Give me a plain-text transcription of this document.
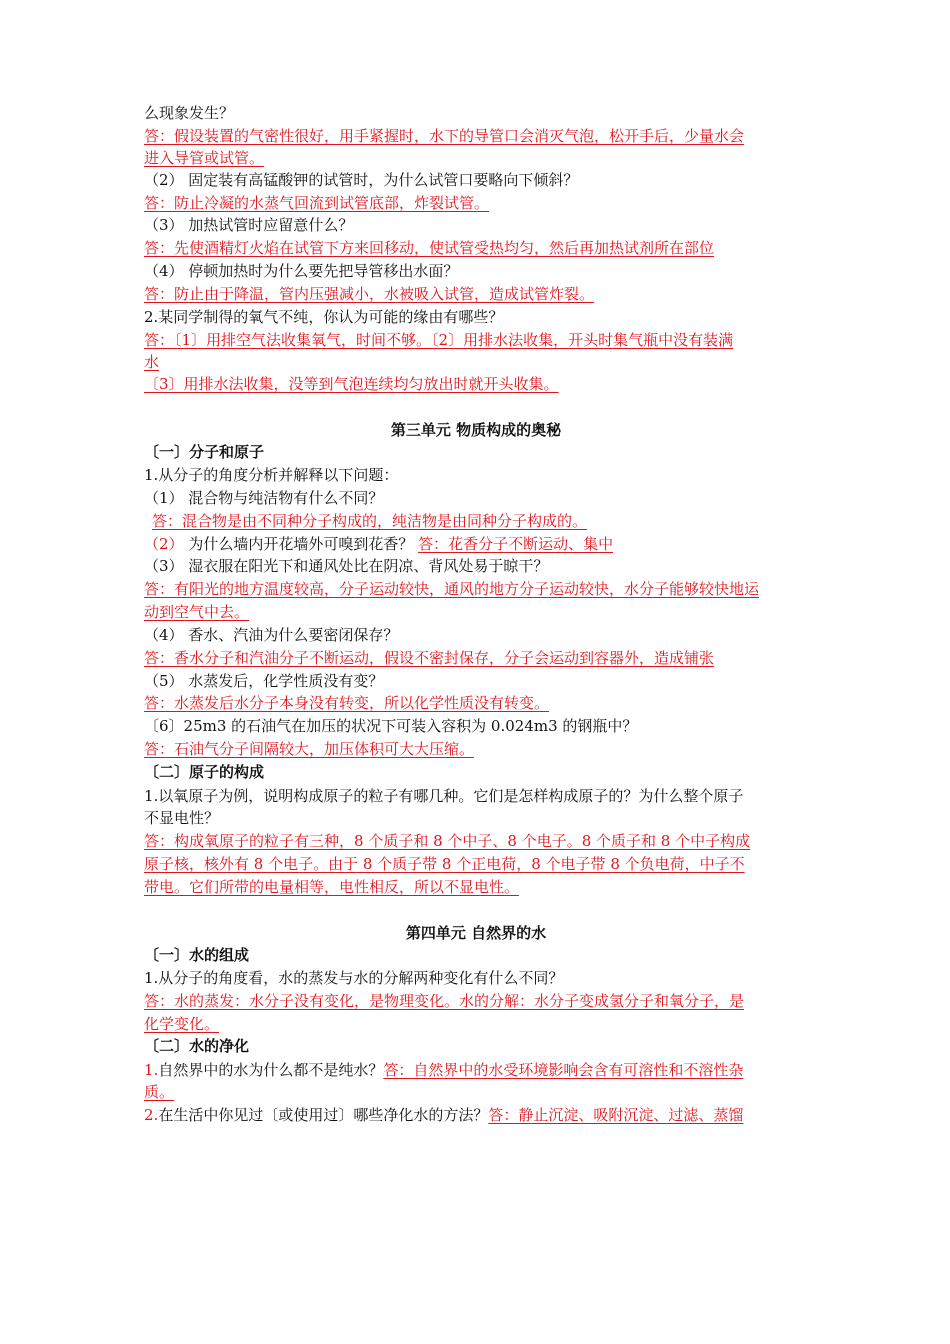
么现象发生？
答：假设装置的气密性很好，用手紧握时，水下的导管口会消灭气泡，松开手后，少量水会
进入导管或试管。
（2） 固定装有高锰酸钾的试管时，为什么试管口要略向下倾斜？
答：防止冷凝的水蒸气回流到试管底部，炸裂试管。
（3） 加热试管时应留意什么？
答：先使酒精灯火焰在试管下方来回移动，使试管受热均匀，然后再加热试剂所在部位
（4） 停顿加热时为什么要先把导管移出水面？
答：防止由于降温，管内压强减小，水被吸入试管，造成试管炸裂。
2.某同学制得的氧气不纯，你认为可能的缘由有哪些？
答：〔1〕用排空气法收集氧气，时间不够。〔2〕用排水法收集，开头时集气瓶中没有装满
水
〔3〕用排水法收集，没等到气泡连续均匀放出时就开头收集。
第三单元 物质构成的奥秘
〔一〕分子和原子
1.从分子的角度分析并解释以下问题：
（1） 混合物与纯洁物有什么不同？
答：混合物是由不同种分子构成的，纯洁物是由同种分子构成的。
（2） 为什么墙内开花墙外可嗅到花香？ 答：花香分子不断运动、集中
（3） 湿衣服在阳光下和通风处比在阴凉、背风处易于晾干？
答：有阳光的地方温度较高，分子运动较快，通风的地方分子运动较快，水分子能够较快地运
动到空气中去。
（4） 香水、汽油为什么要密闭保存？
答：香水分子和汽油分子不断运动，假设不密封保存，分子会运动到容器外，造成铺张
（5） 水蒸发后，化学性质没有变？
答：水蒸发后水分子本身没有转变，所以化学性质没有转变。
〔6〕25m3 的石油气在加压的状况下可装入容积为 0.024m3 的钢瓶中？
答：石油气分子间隔较大，加压体积可大大压缩。
〔二〕原子的构成
1.以氧原子为例，说明构成原子的粒子有哪几种。它们是怎样构成原子的？为什么整个原子
不显电性？
答：构成氧原子的粒子有三种，8 个质子和 8 个中子、8 个电子。8 个质子和 8 个中子构成
原子核，核外有 8 个电子。由于 8 个质子带 8 个正电荷，8 个电子带 8 个负电荷，中子不
带电。它们所带的电量相等，电性相反，所以不显电性。
第四单元 自然界的水
〔一〕水的组成
1.从分子的角度看，水的蒸发与水的分解两种变化有什么不同？
答：水的蒸发：水分子没有变化，是物理变化。水的分解：水分子变成氢分子和氧分子，是
化学变化。
〔二〕水的净化
1.自然界中的水为什么都不是纯水？答：自然界中的水受环境影响会含有可溶性和不溶性杂
质。
2.在生活中你见过〔或使用过〕哪些净化水的方法？答：静止沉淀、吸附沉淀、过滤、蒸馏
